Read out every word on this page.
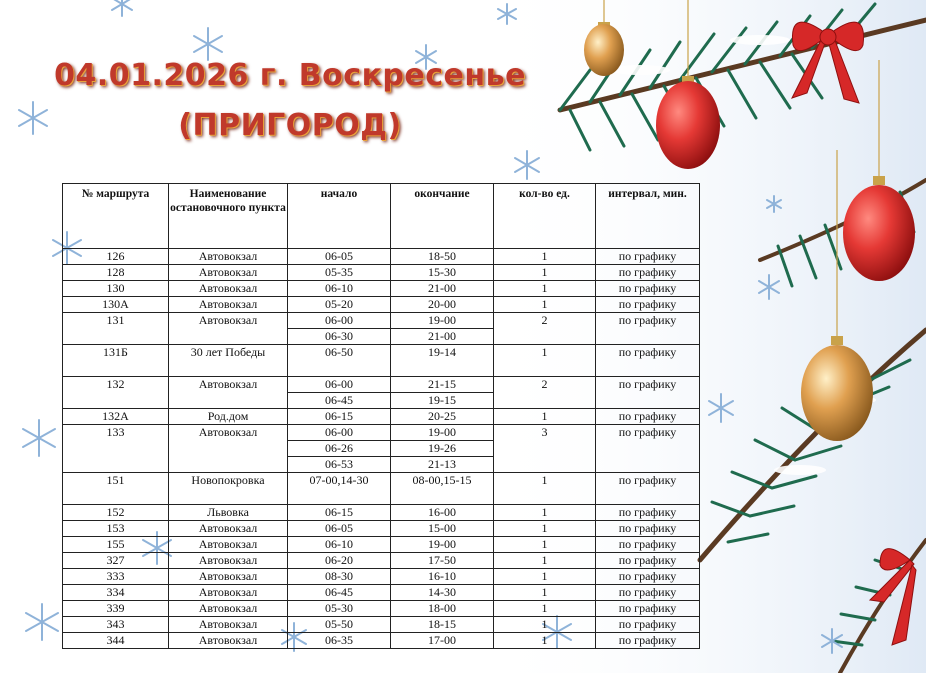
04.01.2026 г. Воскресенье
(ПРИГОРОД)
№ маршрута	Наименование остановочного пункта	начало	окончание	кол-во ед.	интервал, мин.
126	Автовокзал	06-05	18-50	1	по графику
128	Автовокзал	05-35	15-30	1	по графику
130	Автовокзал	06-10	21-00	1	по графику
130А	Автовокзал	05-20	20-00	1	по графику
131	Автовокзал	06-00	19-00	2	по графику
		06-30	21-00		
131Б	30 лет Победы	06-50	19-14	1	по графику
132	Автовокзал	06-00	21-15	2	по графику
		06-45	19-15		
132А	Род.дом	06-15	20-25	1	по графику
133	Автовокзал	06-00	19-00	3	по графику
		06-26	19-26		
		06-53	21-13		
151	Новопокровка	07-00,14-30	08-00,15-15	1	по графику
152	Львовка	06-15	16-00	1	по графику
153	Автовокзал	06-05	15-00	1	по графику
155	Автовокзал	06-10	19-00	1	по графику
327	Автовокзал	06-20	17-50	1	по графику
333	Автовокзал	08-30	16-10	1	по графику
334	Автовокзал	06-45	14-30	1	по графику
339	Автовокзал	05-30	18-00	1	по графику
343	Автовокзал	05-50	18-15	1	по графику
344	Автовокзал	06-35	17-00	1	по графику
